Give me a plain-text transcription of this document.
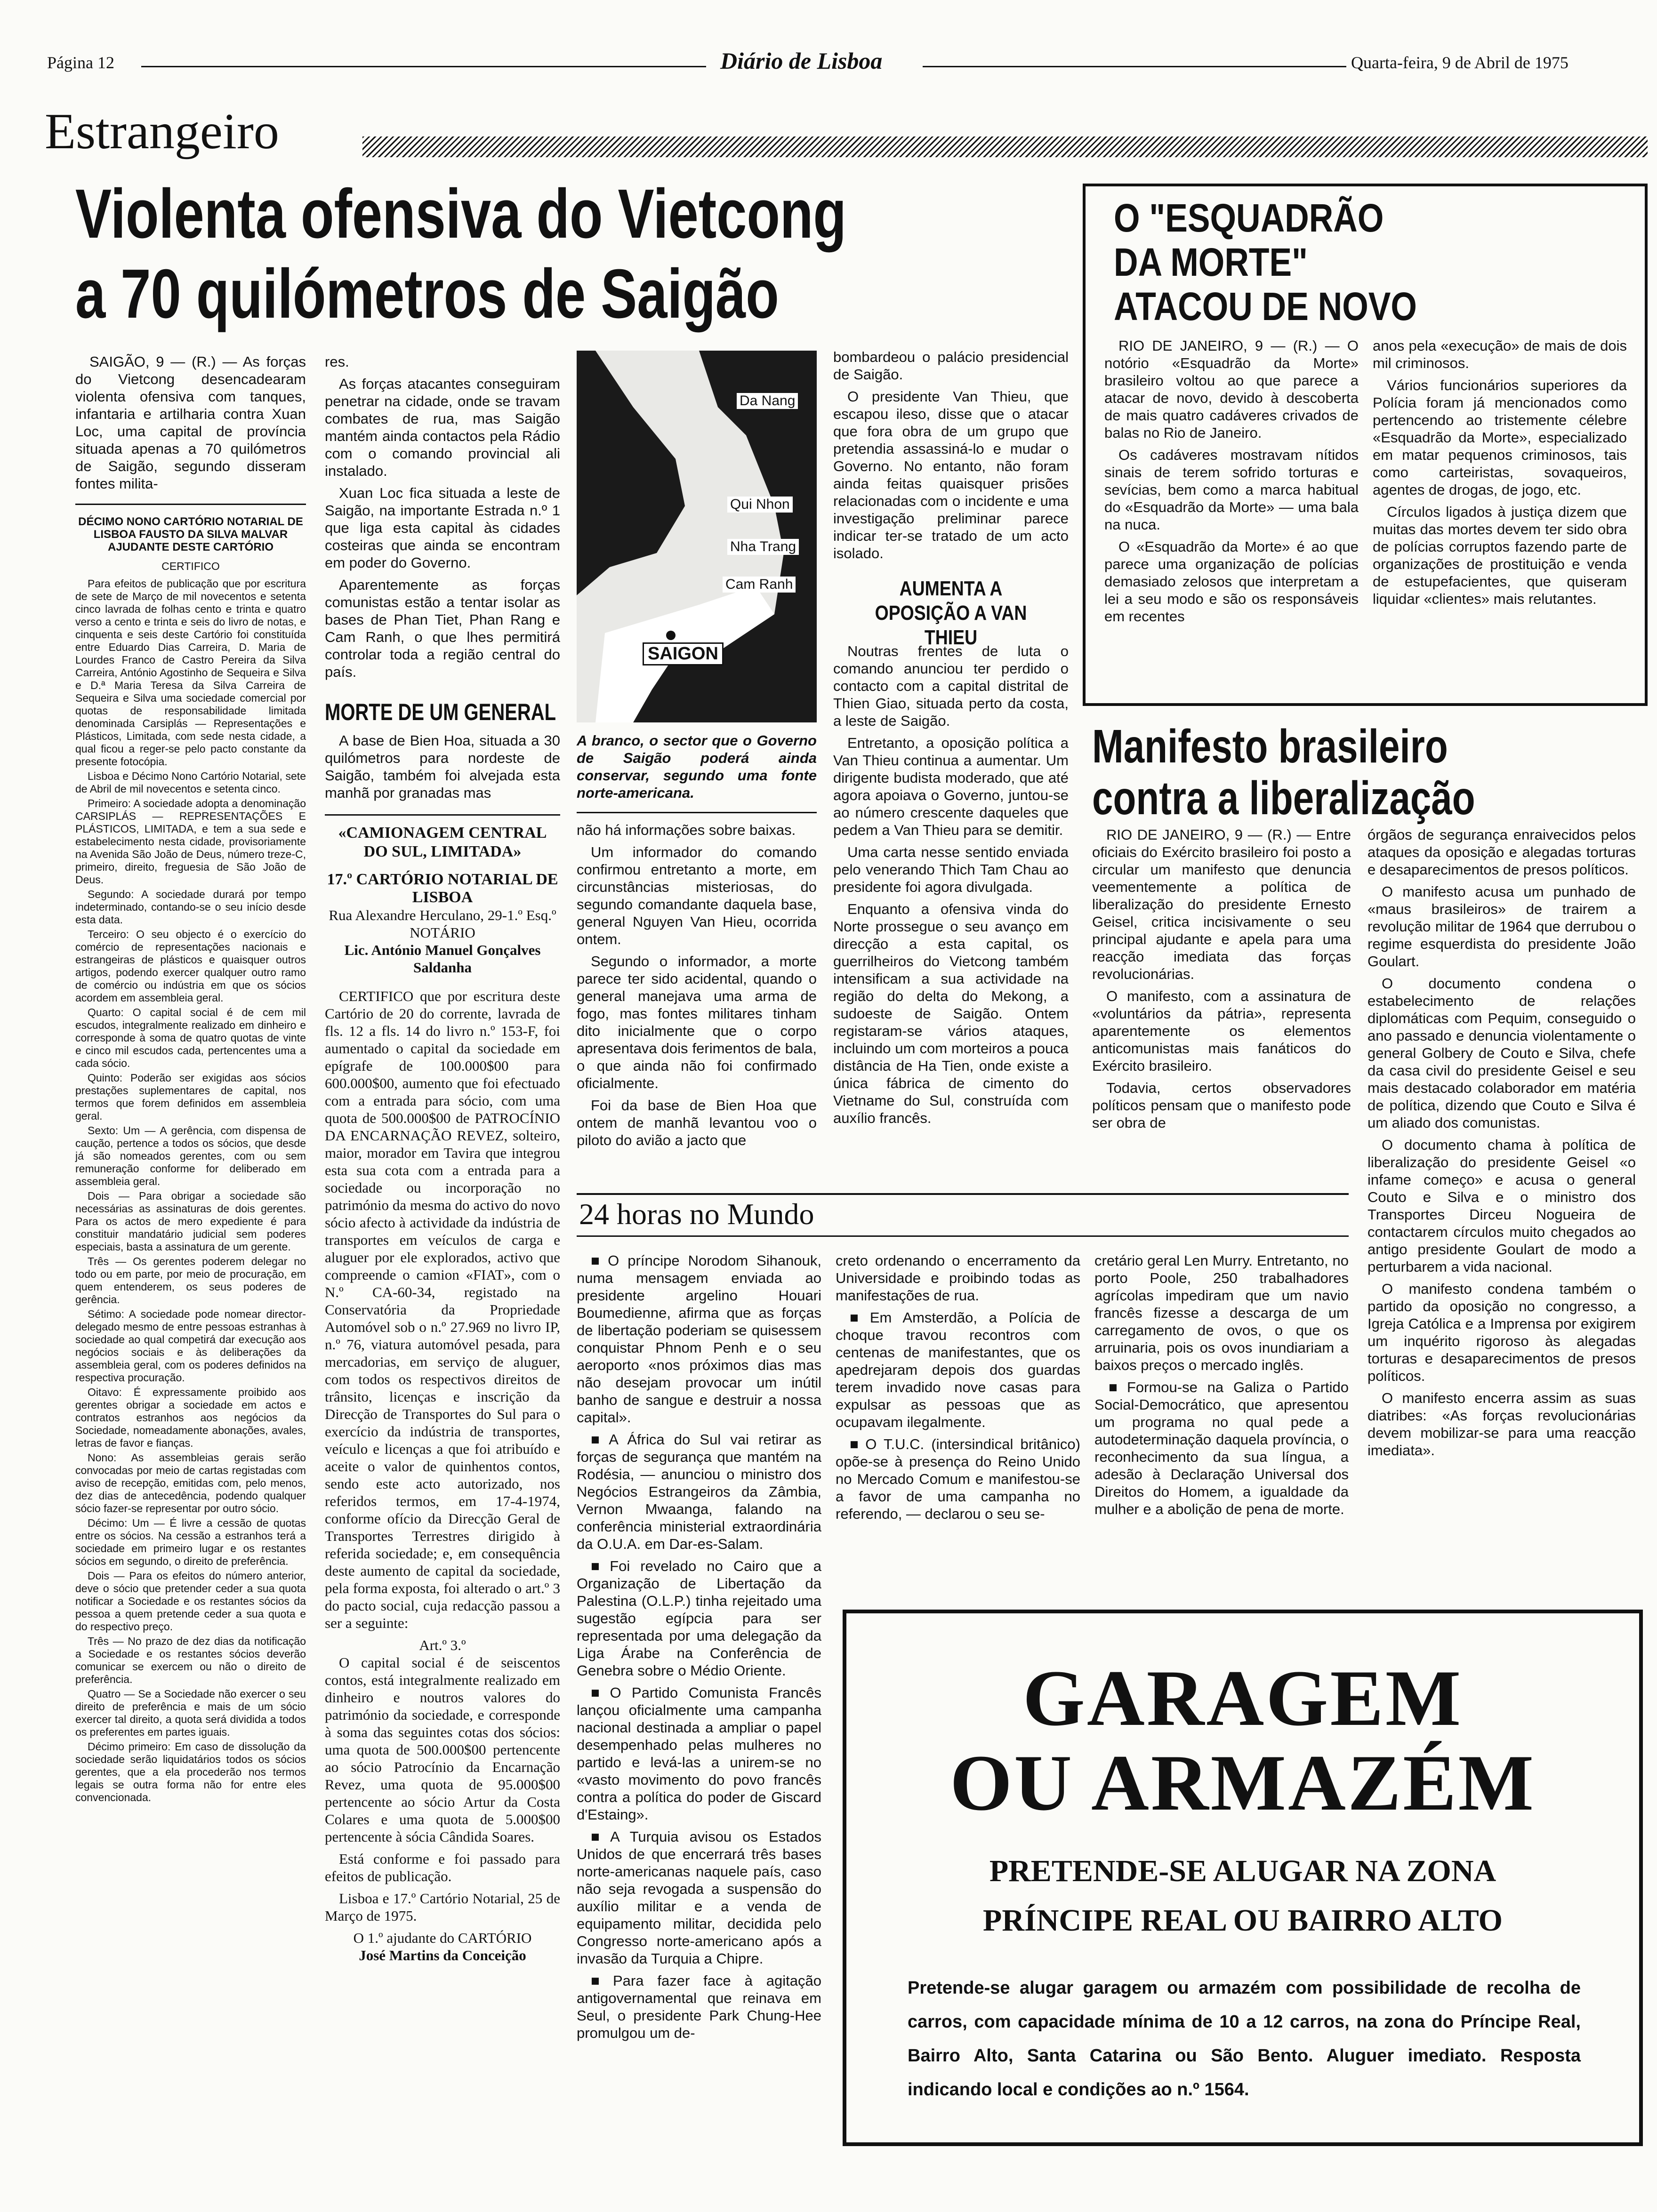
Página 12	Diário de Lisboa	Quarta-feira, 9 de Abril de 1975
Estrangeiro
Violenta ofensiva do Vietcong
a 70 quilómetros de Saigão

SAIGÃO, 9 — (R.) — As forças do Vietcong desencadearam violenta ofensiva com tanques, infantaria e artilharia contra Xuan Loc, uma capital de província situada apenas a 70 quilómetros de Saigão, segundo disseram fontes milita-

DÉCIMO NONO CARTÓRIO NOTARIAL DE LISBOA FAUSTO DA SILVA MALVAR AJUDANTE DESTE CARTÓRIO
CERTIFICO

Para efeitos de publicação que por escritura de sete de Março de mil novecentos e setenta cinco lavrada de folhas cento e trinta e quatro verso a cento e trinta e seis do livro de notas, e cinquenta e seis deste Cartório foi constituída entre Eduardo Dias Carreira, D. Maria de Lourdes Franco de Castro Pereira da Silva Carreira, António Agostinho de Sequeira e Silva e D.ª Maria Teresa da Silva Carreira de Sequeira e Silva uma sociedade comercial por quotas de responsabilidade limitada denominada Carsiplás — Representações e Plásticos, Limitada, com sede nesta cidade, a qual ficou a reger-se pelo pacto constante da presente fotocópia.

Lisboa e Décimo Nono Cartório Notarial, sete de Abril de mil novecentos e setenta cinco.

Primeiro: A sociedade adopta a denominação CARSIPLÁS — REPRESENTAÇÕES E PLÁSTICOS, LIMITADA, e tem a sua sede e estabelecimento nesta cidade, provisoriamente na Avenida São João de Deus, número treze-C, primeiro, direito, freguesia de São João de Deus.

Segundo: A sociedade durará por tempo indeterminado, contando-se o seu início desde esta data.

Terceiro: O seu objecto é o exercício do comércio de representações nacionais e estrangeiras de plásticos e quaisquer outros artigos, podendo exercer qualquer outro ramo de comércio ou indústria em que os sócios acordem em assembleia geral.

Quarto: O capital social é de cem mil escudos, integralmente realizado em dinheiro e corresponde à soma de quatro quotas de vinte e cinco mil escudos cada, pertencentes uma a cada sócio.

Quinto: Poderão ser exigidas aos sócios prestações suplementares de capital, nos termos que forem definidos em assembleia geral.

Sexto: Um — A gerência, com dispensa de caução, pertence a todos os sócios, que desde já são nomeados gerentes, com ou sem remuneração conforme for deliberado em assembleia geral.

Dois — Para obrigar a sociedade são necessárias as assinaturas de dois gerentes. Para os actos de mero expediente é para constituir mandatário judicial sem poderes especiais, basta a assinatura de um gerente.

Três — Os gerentes poderem delegar no todo ou em parte, por meio de procuração, em quem entenderem, os seus poderes de gerência.

Sétimo: A sociedade pode nomear director-delegado mesmo de entre pessoas estranhas à sociedade ao qual competirá dar execução aos negócios sociais e às deliberações da assembleia geral, com os poderes definidos na respectiva procuração.

Oitavo: É expressamente proibido aos gerentes obrigar a sociedade em actos e contratos estranhos aos negócios da Sociedade, nomeadamente abonações, avales, letras de favor e fianças.

Nono: As assembleias gerais serão convocadas por meio de cartas registadas com aviso de recepção, emitidas com, pelo menos, dez dias de antecedência, podendo qualquer sócio fazer-se representar por outro sócio.

Décimo: Um — É livre a cessão de quotas entre os sócios. Na cessão a estranhos terá a sociedade em primeiro lugar e os restantes sócios em segundo, o direito de preferência.

Dois — Para os efeitos do número anterior, deve o sócio que pretender ceder a sua quota notificar a Sociedade e os restantes sócios da pessoa a quem pretende ceder a sua quota e do respectivo preço.

Três — No prazo de dez dias da notificação a Sociedade e os restantes sócios deverão comunicar se exercem ou não o direito de preferência.

Quatro — Se a Sociedade não exercer o seu direito de preferência e mais de um sócio exercer tal direito, a quota será dividida a todos os preferentes em partes iguais.

Décimo primeiro: Em caso de dissolução da sociedade serão liquidatários todos os sócios gerentes, que a ela procederão nos termos legais se outra forma não for entre eles convencionada.

res.

As forças atacantes conseguiram penetrar na cidade, onde se travam combates de rua, mas Saigão mantém ainda contactos pela Rádio com o comando provincial ali instalado.

Xuan Loc fica situada a leste de Saigão, na importante Estrada n.º 1 que liga esta capital às cidades costeiras que ainda se encontram em poder do Governo.

Aparentemente as forças comunistas estão a tentar isolar as bases de Phan Tiet, Phan Rang e Cam Ranh, o que lhes permitirá controlar toda a região central do país.

MORTE DE UM GENERAL

A base de Bien Hoa, situada a 30 quilómetros para nordeste de Saigão, também foi alvejada esta manhã por granadas mas

Da Nang
Qui Nhon
Nha Trang
Cam Ranh
SAIGON

A branco, o sector que o Governo de Saigão poderá ainda conservar, segundo uma fonte norte-americana.

não há informações sobre baixas.

Um informador do comando confirmou entretanto a morte, em circunstâncias misteriosas, do segundo comandante daquela base, general Nguyen Van Hieu, ocorrida ontem.

Segundo o informador, a morte parece ter sido acidental, quando o general manejava uma arma de fogo, mas fontes militares tinham dito inicialmente que o corpo apresentava dois ferimentos de bala, o que ainda não foi confirmado oficialmente.

Foi da base de Bien Hoa que ontem de manhã levantou voo o piloto do avião a jacto que

bombardeou o palácio presidencial de Saigão.

O presidente Van Thieu, que escapou ileso, disse que o atacar que fora obra de um grupo que pretendia assassiná-lo e mudar o Governo. No entanto, não foram ainda feitas quaisquer prisões relacionadas com o incidente e uma investigação preliminar parece indicar ter-se tratado de um acto isolado.

AUMENTA A OPOSIÇÃO A VAN THIEU

Noutras frentes de luta o comando anunciou ter perdido o contacto com a capital distrital de Thien Giao, situada perto da costa, a leste de Saigão.

Entretanto, a oposição política a Van Thieu continua a aumentar. Um dirigente budista moderado, que até agora apoiava o Governo, juntou-se ao número crescente daqueles que pedem a Van Thieu para se demitir.

Uma carta nesse sentido enviada pelo venerando Thich Tam Chau ao presidente foi agora divulgada.

Enquanto a ofensiva vinda do Norte prossegue o seu avanço em direcção a esta capital, os guerrilheiros do Vietcong também intensificam a sua actividade na região do delta do Mekong, a sudoeste de Saigão. Ontem registaram-se vários ataques, incluindo um com morteiros a pouca distância de Ha Tien, onde existe a única fábrica de cimento do Vietname do Sul, construída com auxílio francês.

«CAMIONAGEM CENTRAL DO SUL, LIMITADA»
17.º CARTÓRIO NOTARIAL DE LISBOA
Rua Alexandre Herculano, 29-1.º Esq.º
NOTÁRIO
Lic. António Manuel Gonçalves Saldanha

CERTIFICO que por escritura deste Cartório de 20 do corrente, lavrada de fls. 12 a fls. 14 do livro n.º 153-F, foi aumentado o capital da sociedade em epígrafe de 100.000$00 para 600.000$00, aumento que foi efectuado com a entrada para sócio, com uma quota de 500.000$00 de PATROCÍNIO DA ENCARNAÇÃO REVEZ, solteiro, maior, morador em Tavira que integrou esta sua cota com a entrada para a sociedade ou incorporação no património da mesma do activo do novo sócio afecto à actividade da indústria de transportes em veículos de carga e aluguer por ele explorados, activo que compreende o camion «FIAT», com o N.º CA-60-34, registado na Conservatória da Propriedade Automóvel sob o n.º 27.969 no livro IP, n.º 76, viatura automóvel pesada, para mercadorias, em serviço de aluguer, com todos os respectivos direitos de trânsito, licenças e inscrição da Direcção de Transportes do Sul para o exercício da indústria de transportes, veículo e licenças a que foi atribuído e aceite o valor de quinhentos contos, sendo este acto autorizado, nos referidos termos, em 17-4-1974, conforme ofício da Direcção Geral de Transportes Terrestres dirigido à referida sociedade; e, em consequência deste aumento de capital da sociedade, pela forma exposta, foi alterado o art.º 3 do pacto social, cuja redacção passou a ser a seguinte:

Art.º 3.º

O capital social é de seiscentos contos, está integralmente realizado em dinheiro e noutros valores do património da sociedade, e corresponde à soma das seguintes cotas dos sócios: uma quota de 500.000$00 pertencente ao sócio Patrocínio da Encarnação Revez, uma quota de 95.000$00 pertencente ao sócio Artur da Costa Colares e uma quota de 5.000$00 pertencente à sócia Cândida Soares.

Está conforme e foi passado para efeitos de publicação.

Lisboa e 17.º Cartório Notarial, 25 de Março de 1975.

O 1.º ajudante do CARTÓRIO
José Martins da Conceição
O "ESQUADRÃO DA MORTE" ATACOU DE NOVO

RIO DE JANEIRO, 9 — (R.) — O notório «Esquadrão da Morte» brasileiro voltou ao que parece a atacar de novo, devido à descoberta de mais quatro cadáveres crivados de balas no Rio de Janeiro.

Os cadáveres mostravam nítidos sinais de terem sofrido torturas e sevícias, bem como a marca habitual do «Esquadrão da Morte» — uma bala na nuca.

O «Esquadrão da Morte» é ao que parece uma organização de polícias demasiado zelosos que interpretam a lei a seu modo e são os responsáveis em recentes

anos pela «execução» de mais de dois mil criminosos.

Vários funcionários superiores da Polícia foram já mencionados como pertencendo ao tristemente célebre «Esquadrão da Morte», especializado em matar pequenos criminosos, tais como carteiristas, sovaqueiros, agentes de drogas, de jogo, etc.

Círculos ligados à justiça dizem que muitas das mortes devem ter sido obra de polícias corruptos fazendo parte de organizações de prostituição e venda de estupefacientes, que quiseram liquidar «clientes» mais relutantes.

Manifesto brasileiro
contra a liberalização

RIO DE JANEIRO, 9 — (R.) — Entre oficiais do Exército brasileiro foi posto a circular um manifesto que denuncia veementemente a política de liberalização do presidente Ernesto Geisel, critica incisivamente o seu principal ajudante e apela para uma reacção imediata das forças revolucionárias.

O manifesto, com a assinatura de «voluntários da pátria», representa aparentemente os elementos anticomunistas mais fanáticos do Exército brasileiro.

Todavia, certos observadores políticos pensam que o manifesto pode ser obra de

órgãos de segurança enraivecidos pelos ataques da oposição e alegadas torturas e desaparecimentos de presos políticos.

O manifesto acusa um punhado de «maus brasileiros» de trairem a revolução militar de 1964 que derrubou o regime esquerdista do presidente João Goulart.

O documento condena o estabelecimento de relações diplomáticas com Pequim, conseguido o ano passado e denuncia violentamente o general Golbery de Couto e Silva, chefe da casa civil do presidente Geisel e seu mais destacado colaborador em matéria de política, dizendo que Couto e Silva é um aliado dos comunistas.

O documento chama à política de liberalização do presidente Geisel «o infame começo» e acusa o general Couto e Silva e o ministro dos Transportes Dirceu Nogueira de contactarem círculos muito chegados ao antigo presidente Goulart de modo a perturbarem a vida nacional.

O manifesto condena também o partido da oposição no congresso, a Igreja Católica e a Imprensa por exigirem um inquérito rigoroso às alegadas torturas e desaparecimentos de presos políticos.

O manifesto encerra assim as suas diatribes: «As forças revolucionárias devem mobilizar-se para uma reacção imediata».

24 horas no Mundo

■ O príncipe Norodom Sihanouk, numa mensagem enviada ao presidente argelino Houari Boumedienne, afirma que as forças de libertação poderiam se quisessem conquistar Phnom Penh e o seu aeroporto «nos próximos dias mas não desejam provocar um inútil banho de sangue e destruir a nossa capital».

■ A África do Sul vai retirar as forças de segurança que mantém na Rodésia, — anunciou o ministro dos Negócios Estrangeiros da Zâmbia, Vernon Mwaanga, falando na conferência ministerial extraordinária da O.U.A. em Dar-es-Salam.

■ Foi revelado no Cairo que a Organização de Libertação da Palestina (O.L.P.) tinha rejeitado uma sugestão egípcia para ser representada por uma delegação da Liga Árabe na Conferência de Genebra sobre o Médio Oriente.

■ O Partido Comunista Francês lançou oficialmente uma campanha nacional destinada a ampliar o papel desempenhado pelas mulheres no partido e levá-las a unirem-se no «vasto movimento do povo francês contra a política do poder de Giscard d'Estaing».

■ A Turquia avisou os Estados Unidos de que encerrará três bases norte-americanas naquele país, caso não seja revogada a suspensão do auxílio militar e a venda de equipamento militar, decidida pelo Congresso norte-americano após a invasão da Turquia a Chipre.

■ Para fazer face à agitação antigovernamental que reinava em Seul, o presidente Park Chung-Hee promulgou um de-

creto ordenando o encerramento da Universidade e proibindo todas as manifestações de rua.

■ Em Amsterdão, a Polícia de choque travou recontros com centenas de manifestantes, que os apedrejaram depois dos guardas terem invadido nove casas para expulsar as pessoas que as ocupavam ilegalmente.

■ O T.U.C. (intersindical britânico) opõe-se à presença do Reino Unido no Mercado Comum e manifestou-se a favor de uma campanha no referendo, — declarou o seu se-

cretário geral Len Murry. Entretanto, no porto Poole, 250 trabalhadores agrícolas impediram que um navio francês fizesse a descarga de um carregamento de ovos, o que os arruinaria, pois os ovos inundiariam a baixos preços o mercado inglês.

■ Formou-se na Galiza o Partido Social-Democrático, que apresentou um programa no qual pede a autodeterminação daquela província, o reconhecimento da sua língua, a adesão à Declaração Universal dos Direitos do Homem, a igualdade da mulher e a abolição de pena de morte.

GARAGEM
OU ARMAZÉM
PRETENDE-SE ALUGAR NA ZONA
PRÍNCIPE REAL OU BAIRRO ALTO
Pretende-se alugar garagem ou armazém com possibilidade de recolha de carros, com capacidade mínima de 10 a 12 carros, na zona do Príncipe Real, Bairro Alto, Santa Catarina ou São Bento. Aluguer imediato. Resposta indicando local e condições ao n.º 1564.
